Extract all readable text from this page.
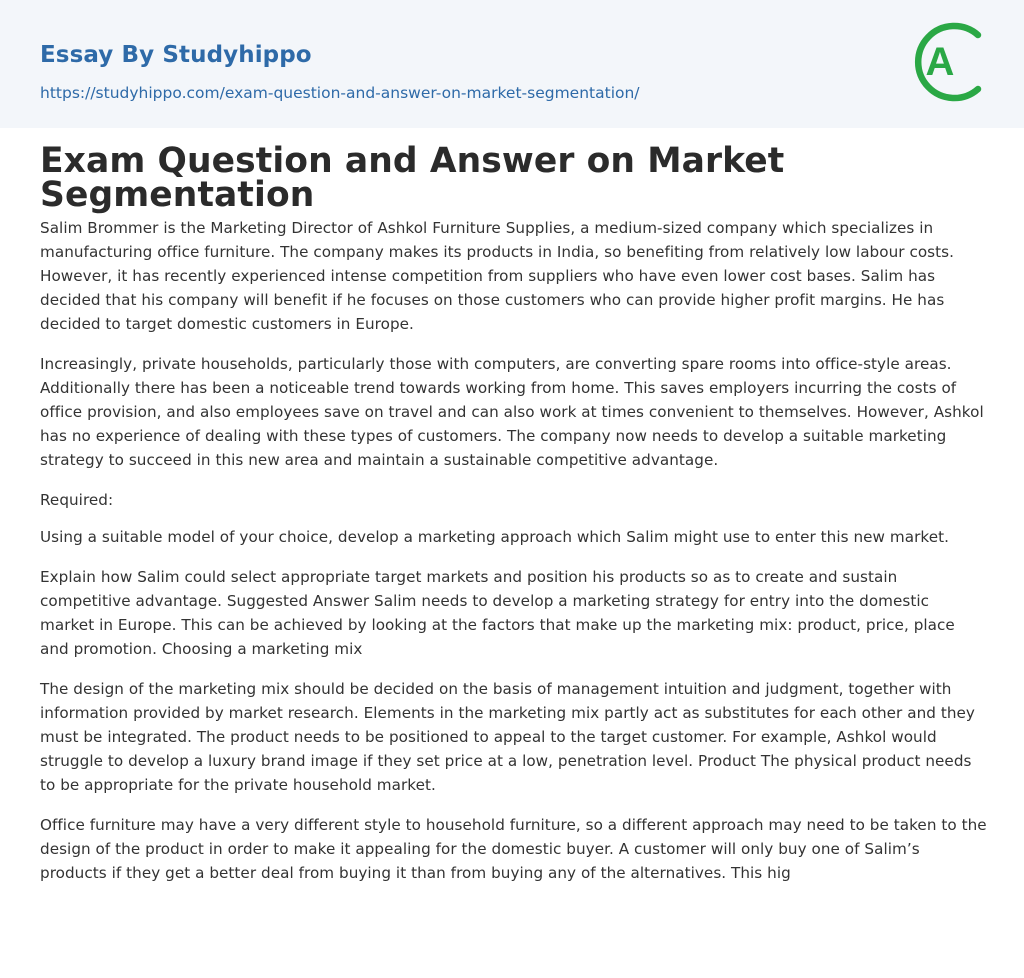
Essay By Studyhippo
https://studyhippo.com/exam-question-and-answer-on-market-segmentation/
A
Exam Question and Answer on Market Segmentation

Salim Brommer is the Marketing Director of Ashkol Furniture Supplies, a medium-sized company which specializes in manufacturing office furniture. The company makes its products in India, so benefiting from relatively low labour costs. However, it has recently experienced intense competition from suppliers who have even lower cost bases. Salim has decided that his company will benefit if he focuses on those customers who can provide higher profit margins. He has decided to target domestic customers in Europe.

Increasingly, private households, particularly those with computers, are converting spare rooms into office-style areas. Additionally there has been a noticeable trend towards working from home. This saves employers incurring the costs of office provision, and also employees save on travel and can also work at times convenient to themselves. However, Ashkol has no experience of dealing with these types of customers. The company now needs to develop a suitable marketing strategy to succeed in this new area and maintain a sustainable competitive advantage.

Required:

Using a suitable model of your choice, develop a marketing approach which Salim might use to enter this new market.

Explain how Salim could select appropriate target markets and position his products so as to create and sustain competitive advantage. Suggested Answer Salim needs to develop a marketing strategy for entry into the domestic market in Europe. This can be achieved by looking at the factors that make up the marketing mix: product, price, place and promotion. Choosing a marketing mix

The design of the marketing mix should be decided on the basis of management intuition and judgment, together with information provided by market research. Elements in the marketing mix partly act as substitutes for each other and they must be integrated. The product needs to be positioned to appeal to the target customer. For example, Ashkol would struggle to develop a luxury brand image if they set price at a low, penetration level. Product The physical product needs to be appropriate for the private household market.

Office furniture may have a very different style to household furniture, so a different approach may need to be taken to the design of the product in order to make it appealing for the domestic buyer. A customer will only buy one of Salim’s products if they get a better deal from buying it than from buying any of the alternatives. This hig
